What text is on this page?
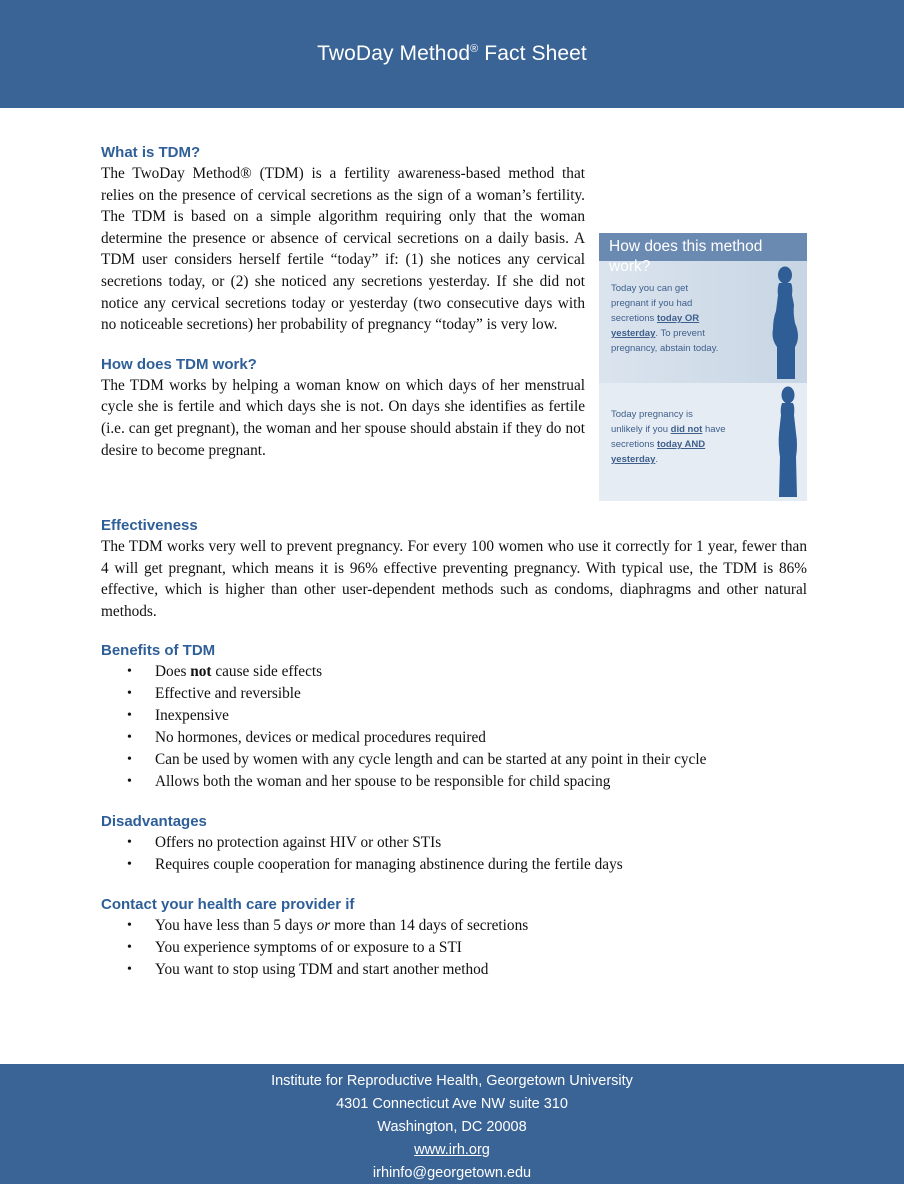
TwoDay Method® Fact Sheet
What is TDM?
How does this method work?
Today you can get
pregnant if you had
secretions today OR
yesterday. To prevent
pregnancy, abstain today.
Today pregnancy is
unlikely if you did not have
secretions today AND
yesterday.

The TwoDay Method® (TDM) is a fertility awareness-based method that relies on the presence of cervical secretions as the sign of a woman’s fertility. The TDM is based on a simple algorithm requiring only that the woman determine the presence or absence of cervical secretions on a daily basis. A TDM user considers herself fertile “today” if: (1) she notices any cervical secretions today, or (2) she noticed any secretions yesterday. If she did not notice any cervical secretions today or yesterday (two consecutive days with no noticeable secretions) her probability of pregnancy “today” is very low.

How does TDM work?

The TDM works by helping a woman know on which days of her menstrual cycle she is fertile and which days she is not. On days she identifies as fertile (i.e. can get pregnant), the woman and her spouse should abstain if they do not desire to become pregnant.

Effectiveness

The TDM works very well to prevent pregnancy. For every 100 women who use it correctly for 1 year, fewer than 4 will get pregnant, which means it is 96% effective preventing pregnancy. With typical use, the TDM is 86% effective, which is higher than other user-dependent methods such as condoms, diaphragms and other natural methods.

Benefits of TDM
• Does not cause side effects
• Effective and reversible
• Inexpensive
• No hormones, devices or medical procedures required
• Can be used by women with any cycle length and can be started at any point in their cycle
• Allows both the woman and her spouse to be responsible for child spacing
Disadvantages
• Offers no protection against HIV or other STIs
• Requires couple cooperation for managing abstinence during the fertile days
Contact your health care provider if
• You have less than 5 days or more than 14 days of secretions
• You experience symptoms of or exposure to a STI
• You want to stop using TDM and start another method
Institute for Reproductive Health, Georgetown University
4301 Connecticut Ave NW suite 310
Washington, DC 20008
www.irh.org
irhinfo@georgetown.edu
